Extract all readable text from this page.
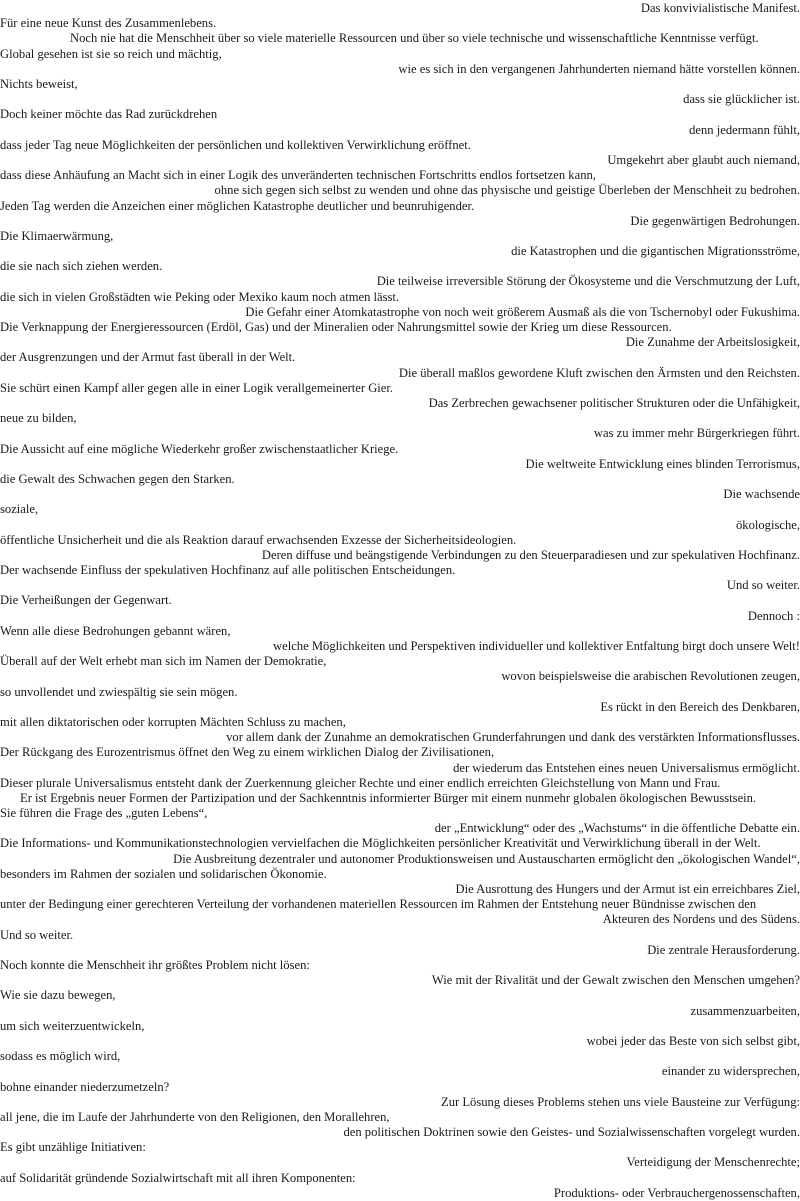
Das konvivialistische Manifest.
Für eine neue Kunst des Zusammenlebens.
Noch nie hat die Menschheit über so viele materielle Ressourcen und über so viele technische und wissenschaftliche Kenntnisse verfügt.
Global gesehen ist sie so reich und mächtig,
wie es sich in den vergangenen Jahrhunderten niemand hätte vorstellen können.
Nichts beweist,
dass sie glücklicher ist.
Doch keiner möchte das Rad zurückdrehen
denn jedermann fühlt,
dass jeder Tag neue Möglichkeiten der persönlichen und kollektiven Verwirklichung eröffnet.
Umgekehrt aber glaubt auch niemand,
dass diese Anhäufung an Macht sich in einer Logik des unveränderten technischen Fortschritts endlos fortsetzen kann,
ohne sich gegen sich selbst zu wenden und ohne das physische und geistige Überleben der Menschheit zu bedrohen.
Jeden Tag werden die Anzeichen einer möglichen Katastrophe deutlicher und beunruhigender.
Die gegenwärtigen Bedrohungen.
Die Klimaerwärmung,
die Katastrophen und die gigantischen Migrationsströme,
die sie nach sich ziehen werden.
Die teilweise irreversible Störung der Ökosysteme und die Verschmutzung der Luft,
die sich in vielen Großstädten wie Peking oder Mexiko kaum noch atmen lässt.
Die Gefahr einer Atomkatastrophe von noch weit größerem Ausmaß als die von Tschernobyl oder Fukushima.
Die Verknappung der Energieressourcen (Erdöl, Gas) und der Mineralien oder Nahrungsmittel sowie der Krieg um diese Ressourcen.
Die Zunahme der Arbeitslosigkeit,
der Ausgrenzungen und der Armut fast überall in der Welt.
Die überall maßlos gewordene Kluft zwischen den Ärmsten und den Reichsten.
Sie schürt einen Kampf aller gegen alle in einer Logik verallgemeinerter Gier.
Das Zerbrechen gewachsener politischer Strukturen oder die Unfähigkeit,
neue zu bilden,
was zu immer mehr Bürgerkriegen führt.
Die Aussicht auf eine mögliche Wiederkehr großer zwischenstaatlicher Kriege.
Die weltweite Entwicklung eines blinden Terrorismus,
die Gewalt des Schwachen gegen den Starken.
Die wachsende
soziale,
ökologische,
öffentliche Unsicherheit und die als Reaktion darauf erwachsenden Exzesse der Sicherheitsideologien.
Deren diffuse und beängstigende Verbindungen zu den Steuerparadiesen und zur spekulativen Hochfinanz.
Der wachsende Einfluss der spekulativen Hochfinanz auf alle politischen Entscheidungen.
Und so weiter.
Die Verheißungen der Gegenwart.
Dennoch :
Wenn alle diese Bedrohungen gebannt wären,
welche Möglichkeiten und Perspektiven individueller und kollektiver Entfaltung birgt doch unsere Welt!
Überall auf der Welt erhebt man sich im Namen der Demokratie,
wovon beispielsweise die arabischen Revolutionen zeugen,
so unvollendet und zwiespältig sie sein mögen.
Es rückt in den Bereich des Denkbaren,
mit allen diktatorischen oder korrupten Mächten Schluss zu machen,
vor allem dank der Zunahme an demokratischen Grunderfahrungen und dank des verstärkten Informationsflusses.
Der Rückgang des Eurozentrismus öffnet den Weg zu einem wirklichen Dialog der Zivilisationen,
der wiederum das Entstehen eines neuen Universalismus ermöglicht.
Dieser plurale Universalismus entsteht dank der Zuerkennung gleicher Rechte und einer endlich erreichten Gleichstellung von Mann und Frau.
Er ist Ergebnis neuer Formen der Partizipation und der Sachkenntnis informierter Bürger mit einem nunmehr globalen ökologischen Bewusstsein.
Sie führen die Frage des „guten Lebens“,
der „Entwicklung“ oder des „Wachstums“ in die öffentliche Debatte ein.
Die Informations- und Kommunikationstechnologien vervielfachen die Möglichkeiten persönlicher Kreativität und Verwirklichung überall in der Welt.
Die Ausbreitung dezentraler und autonomer Produktionsweisen und Austauscharten ermöglicht den „ökologischen Wandel“,
besonders im Rahmen der sozialen und solidarischen Ökonomie.
Die Ausrottung des Hungers und der Armut ist ein erreichbares Ziel,
unter der Bedingung einer gerechteren Verteilung der vorhandenen materiellen Ressourcen im Rahmen der Entstehung neuer Bündnisse zwischen den
Akteuren des Nordens und des Südens.
Und so weiter.
Die zentrale Herausforderung.
Noch konnte die Menschheit ihr größtes Problem nicht lösen:
Wie mit der Rivalität und der Gewalt zwischen den Menschen umgehen?
Wie sie dazu bewegen,
zusammenzuarbeiten,
um sich weiterzuentwickeln,
wobei jeder das Beste von sich selbst gibt,
sodass es möglich wird,
einander zu widersprechen,
bohne einander niederzumetzeln?
Zur Lösung dieses Problems stehen uns viele Bausteine zur Verfügung:
all jene, die im Laufe der Jahrhunderte von den Religionen, den Morallehren,
den politischen Doktrinen sowie den Geistes- und Sozialwissenschaften vorgelegt wurden.
Es gibt unzählige Initiativen:
Verteidigung der Menschenrechte;
auf Solidarität gründende Sozialwirtschaft mit all ihren Komponenten:
Produktions- oder Verbrauchergenossenschaften,
